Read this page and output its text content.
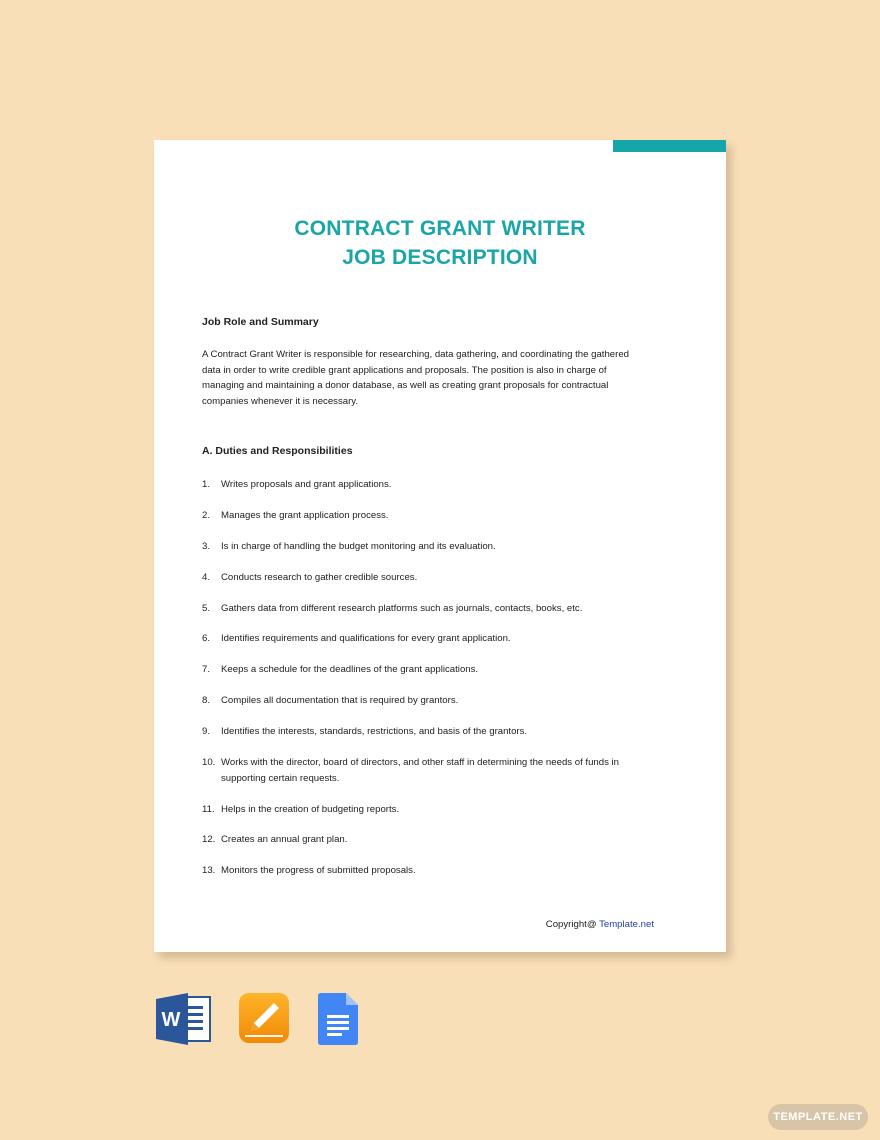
CONTRACT GRANT WRITER
JOB DESCRIPTION
Job Role and Summary

A Contract Grant Writer is responsible for researching, data gathering, and coordinating the gathered data in order to write credible grant applications and proposals. The position is also in charge of managing and maintaining a donor database, as well as creating grant proposals for contractual companies whenever it is necessary.

A. Duties and Responsibilities
1.	Writes proposals and grant applications.
2.	Manages the grant application process.
3.	Is in charge of handling the budget monitoring and its evaluation.
4.	Conducts research to gather credible sources.
5.	Gathers data from different research platforms such as journals, contacts, books, etc.
6.	Identifies requirements and qualifications for every grant application.
7.	Keeps a schedule for the deadlines of the grant applications.
8.	Compiles all documentation that is required by grantors.
9.	Identifies the interests, standards, restrictions, and basis of the grantors.
10. Works with the director, board of directors, and other staff in determining the needs of funds in supporting certain requests.
11. Helps in the creation of budgeting reports.
12. Creates an annual grant plan.
13. Monitors the progress of submitted proposals.
Copyright@ Template.net
W
TEMPLATE.NET
